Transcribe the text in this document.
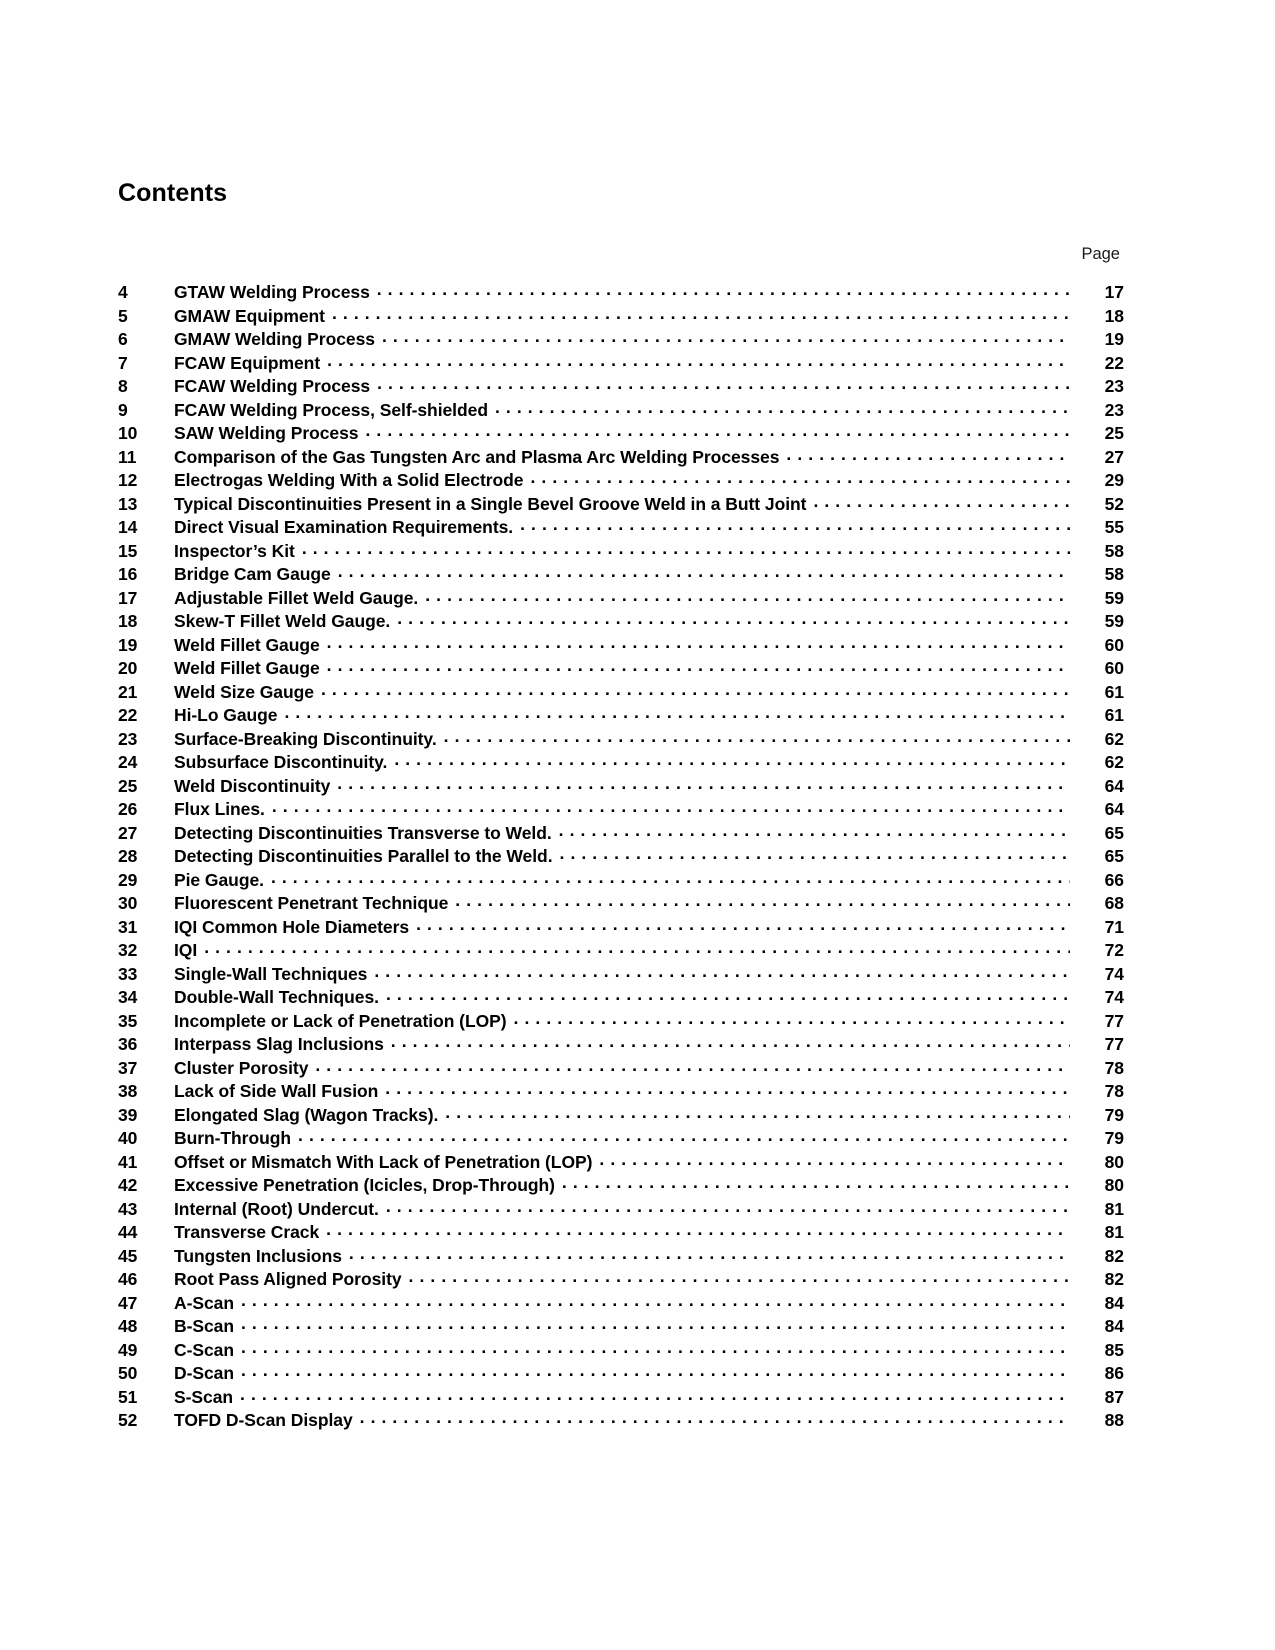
Contents
Page
4	GTAW Welding Process . . .	17
5	GMAW Equipment . . .	18
6	GMAW Welding Process . . .	19
7	FCAW Equipment . . .	22
8	FCAW Welding Process . . .	23
9	FCAW Welding Process, Self-shielded . . .	23
10	SAW Welding Process . . .	25
11	Comparison of the Gas Tungsten Arc and Plasma Arc Welding Processes . . .	27
12	Electrogas Welding With a Solid Electrode . . .	29
13	Typical Discontinuities Present in a Single Bevel Groove Weld in a Butt Joint . . .	52
14	Direct Visual Examination Requirements. . . .	55
15	Inspector’s Kit . . .	58
16	Bridge Cam Gauge . . .	58
17	Adjustable Fillet Weld Gauge. . . .	59
18	Skew-T Fillet Weld Gauge. . . .	59
19	Weld Fillet Gauge . . .	60
20	Weld Fillet Gauge . . .	60
21	Weld Size Gauge . . .	61
22	Hi-Lo Gauge . . .	61
23	Surface-Breaking Discontinuity. . . .	62
24	Subsurface Discontinuity. . . .	62
25	Weld Discontinuity . . .	64
26	Flux Lines. . . .	64
27	Detecting Discontinuities Transverse to Weld. . . .	65
28	Detecting Discontinuities Parallel to the Weld. . . .	65
29	Pie Gauge. . . .	66
30	Fluorescent Penetrant Technique . . .	68
31	IQI Common Hole Diameters . . .	71
32	IQI . . .	72
33	Single-Wall Techniques . . .	74
34	Double-Wall Techniques. . . .	74
35	Incomplete or Lack of Penetration (LOP) . . .	77
36	Interpass Slag Inclusions . . .	77
37	Cluster Porosity . . .	78
38	Lack of Side Wall Fusion . . .	78
39	Elongated Slag (Wagon Tracks). . . .	79
40	Burn-Through . . .	79
41	Offset or Mismatch With Lack of Penetration (LOP) . . .	80
42	Excessive Penetration (Icicles, Drop-Through) . . .	80
43	Internal (Root) Undercut. . . .	81
44	Transverse Crack . . .	81
45	Tungsten Inclusions . . .	82
46	Root Pass Aligned Porosity . . .	82
47	A-Scan . . .	84
48	B-Scan . . .	84
49	C-Scan . . .	85
50	D-Scan . . .	86
51	S-Scan . . .	87
52	TOFD D-Scan Display . . .	88
